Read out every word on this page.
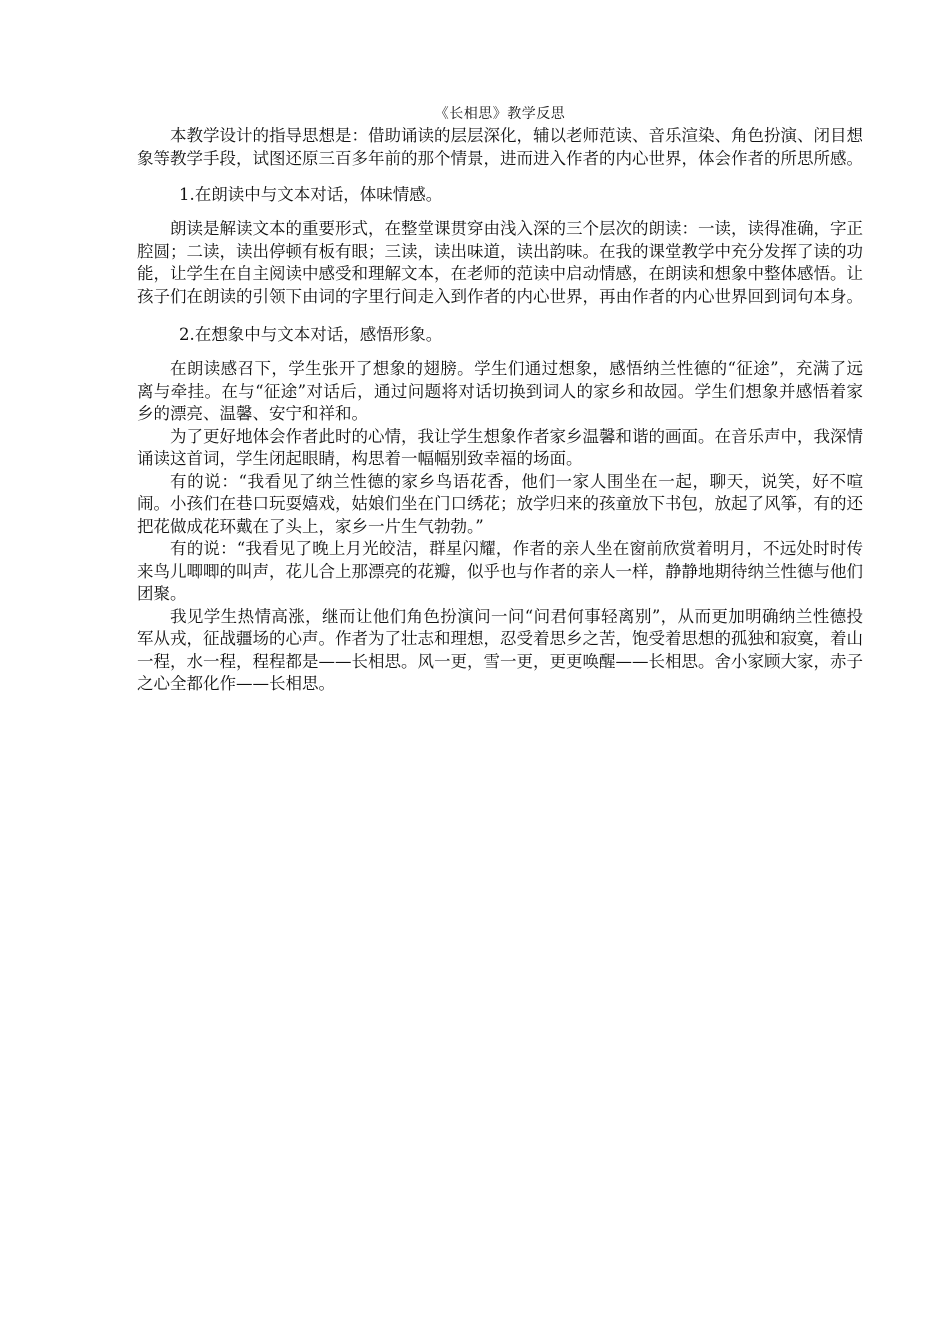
《长相思》教学反思

本教学设计的指导思想是：借助诵读的层层深化，辅以老师范读、音乐渲染、角色扮演、闭目想象等教学手段，试图还原三百多年前的那个情景，进而进入作者的内心世界，体会作者的所思所感。

1.在朗读中与文本对话，体味情感。

朗读是解读文本的重要形式，在整堂课贯穿由浅入深的三个层次的朗读：一读，读得准确，字正腔圆；二读，读出停顿有板有眼；三读，读出味道，读出韵味。在我的课堂教学中充分发挥了读的功能，让学生在自主阅读中感受和理解文本，在老师的范读中启动情感，在朗读和想象中整体感悟。让孩子们在朗读的引领下由词的字里行间走入到作者的内心世界，再由作者的内心世界回到词句本身。

2.在想象中与文本对话，感悟形象。

在朗读感召下，学生张开了想象的翅膀。学生们通过想象，感悟纳兰性德的“征途”，充满了远离与牵挂。在与“征途”对话后，通过问题将对话切换到词人的家乡和故园。学生们想象并感悟着家乡的漂亮、温馨、安宁和祥和。

为了更好地体会作者此时的心情，我让学生想象作者家乡温馨和谐的画面。在音乐声中，我深情诵读这首词，学生闭起眼睛，构思着一幅幅别致幸福的场面。

有的说：“我看见了纳兰性德的家乡鸟语花香，他们一家人围坐在一起，聊天，说笑，好不喧闹。小孩们在巷口玩耍嬉戏，姑娘们坐在门口绣花；放学归来的孩童放下书包，放起了风筝，有的还把花做成花环戴在了头上，家乡一片生气勃勃。”

有的说：“我看见了晚上月光皎洁，群星闪耀，作者的亲人坐在窗前欣赏着明月，不远处时时传来鸟儿唧唧的叫声，花儿合上那漂亮的花瓣，似乎也与作者的亲人一样，静静地期待纳兰性德与他们团聚。

我见学生热情高涨，继而让他们角色扮演问一问“问君何事轻离别”，从而更加明确纳兰性德投军从戎，征战疆场的心声。作者为了壮志和理想，忍受着思乡之苦，饱受着思想的孤独和寂寞，着山一程，水一程，程程都是——长相思。风一更，雪一更，更更唤醒——长相思。舍小家顾大家，赤子之心全都化作——长相思。
